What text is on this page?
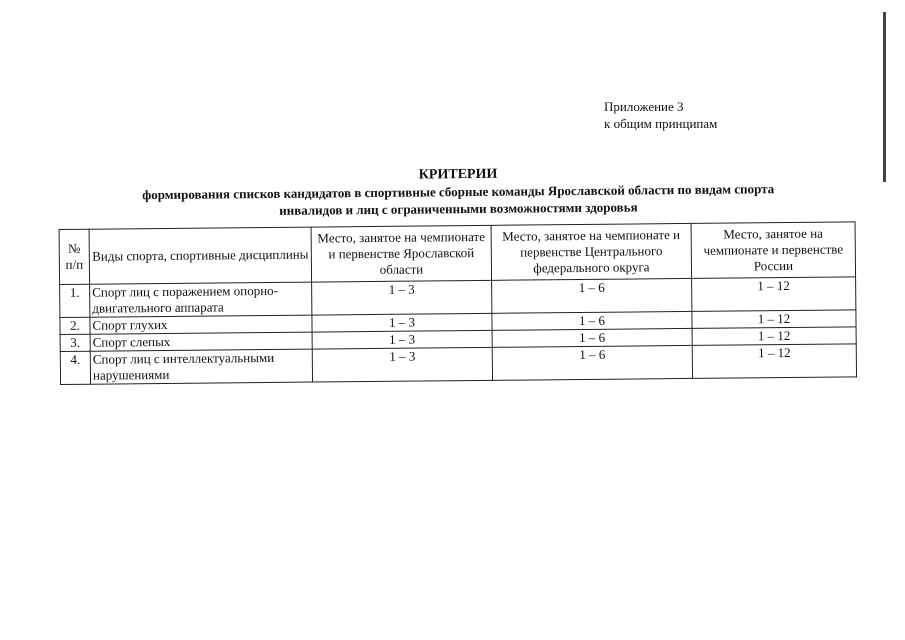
Приложение 3
к общим принципам

КРИТЕРИИ

формирования списков кандидатов в спортивные сборные команды Ярославской области по видам спорта
инвалидов и лиц с ограниченными возможностями здоровья

№ п/п	Виды спорта, спортивные дисциплины	Место, занятое на чемпионате и первенстве Ярославской области	Место, занятое на чемпионате и первенстве Центрального федерального округа	Место, занятое на чемпионате и первенстве России
1.	Спорт лиц с поражением опорно-двигательного аппарата	1 – 3	1 – 6	1 – 12
2.	Спорт глухих	1 – 3	1 – 6	1 – 12
3.	Спорт слепых	1 – 3	1 – 6	1 – 12
4.	Спорт лиц с интеллектуальными нарушениями	1 – 3	1 – 6	1 – 12
